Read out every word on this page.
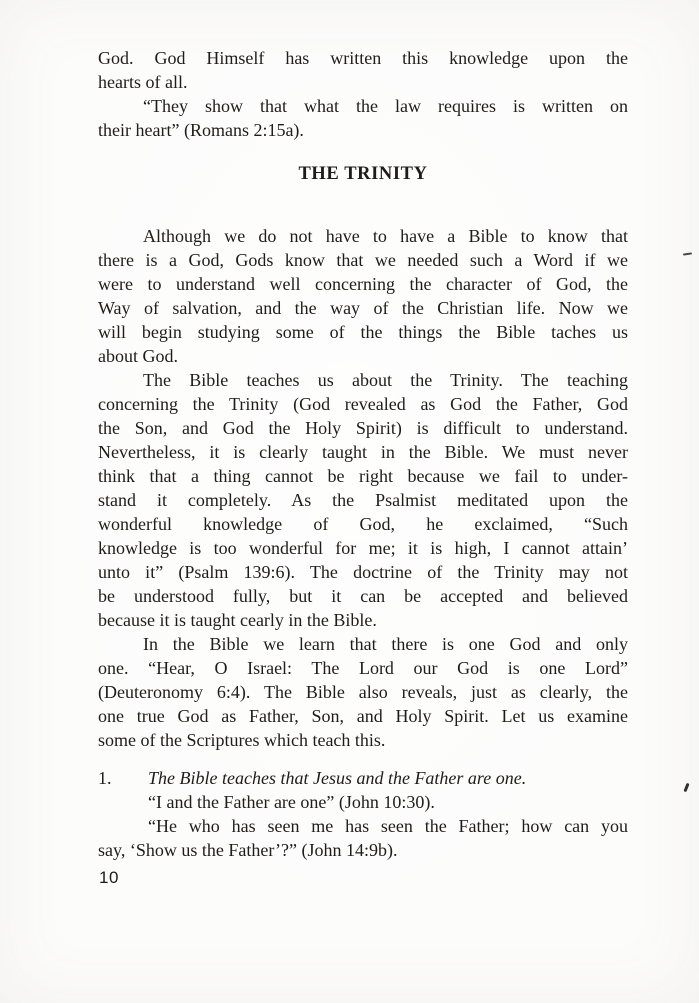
God. God Himself has written this knowledge upon the
hearts of all.
“They show that what the law requires is written on
their heart” (Romans 2:15a).
THE TRINITY
Although we do not have to have a Bible to know that
there is a God, Gods know that we needed such a Word if we
were to understand well concerning the character of God, the
Way of salvation, and the way of the Christian life. Now we
will begin studying some of the things the Bible taches us
about God.
The Bible teaches us about the Trinity. The teaching
concerning the Trinity (God revealed as God the Father, God
the Son, and God the Holy Spirit) is difficult to understand.
Nevertheless, it is clearly taught in the Bible. We must never
think that a thing cannot be right because we fail to under-
stand it completely. As the Psalmist meditated upon the
wonderful knowledge of God, he exclaimed, “Such
knowledge is too wonderful for me; it is high, I cannot attain’
unto it” (Psalm 139:6). The doctrine of the Trinity may not
be understood fully, but it can be accepted and believed
because it is taught cearly in the Bible.
In the Bible we learn that there is one God and only
one. “Hear, O Israel: The Lord our God is one Lord”
(Deuteronomy 6:4). The Bible also reveals, just as clearly, the
one true God as Father, Son, and Holy Spirit. Let us examine
some of the Scriptures which teach this.
1.	The Bible teaches that Jesus and the Father are one.
“I and the Father are one” (John 10:30).
“He who has seen me has seen the Father; how can you
say, ‘Show us the Father’?” (John 14:9b).
10
